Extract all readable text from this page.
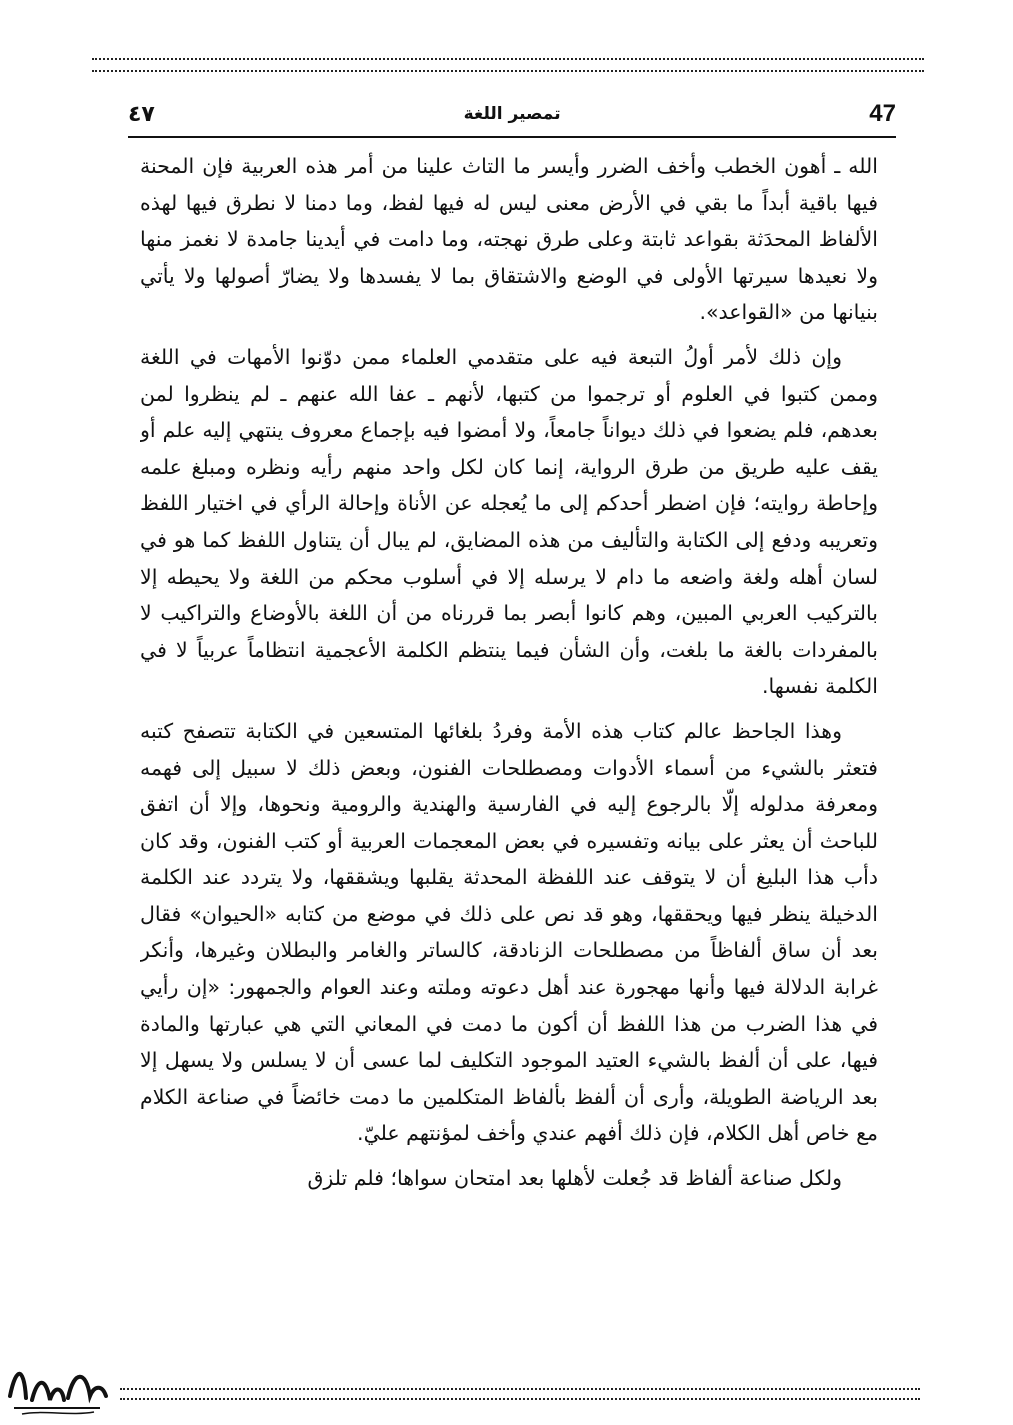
47
تمصير اللغة
٤٧

الله ـ أهون الخطب وأخف الضرر وأيسر ما التاث علينا من أمر هذه العربية فإن المحنة فيها باقية أبداً ما بقي في الأرض معنى ليس له فيها لفظ، وما دمنا لا نطرق فيها لهذه الألفاظ المحدَثة بقواعد ثابتة وعلى طرق نهجته، وما دامت في أيدينا جامدة لا نغمز منها ولا نعيدها سيرتها الأولى في الوضع والاشتقاق بما لا يفسدها ولا يضارّ أصولها ولا يأتي بنيانها من «القواعد».

وإن ذلك لأمر أولُ التبعة فيه على متقدمي العلماء ممن دوّنوا الأمهات في اللغة وممن كتبوا في العلوم أو ترجموا من كتبها، لأنهم ـ عفا الله عنهم ـ لم ينظروا لمن بعدهم، فلم يضعوا في ذلك ديواناً جامعاً، ولا أمضوا فيه بإجماع معروف ينتهي إليه علم أو يقف عليه طريق من طرق الرواية، إنما كان لكل واحد منهم رأيه ونظره ومبلغ علمه وإحاطة روايته؛ فإن اضطر أحدكم إلى ما يُعجله عن الأناة وإحالة الرأي في اختيار اللفظ وتعريبه ودفع إلى الكتابة والتأليف من هذه المضايق، لم يبال أن يتناول اللفظ كما هو في لسان أهله ولغة واضعه ما دام لا يرسله إلا في أسلوب محكم من اللغة ولا يحيطه إلا بالتركيب العربي المبين، وهم كانوا أبصر بما قررناه من أن اللغة بالأوضاع والتراكيب لا بالمفردات بالغة ما بلغت، وأن الشأن فيما ينتظم الكلمة الأعجمية انتظاماً عربياً لا في الكلمة نفسها.

وهذا الجاحظ عالم كتاب هذه الأمة وفردُ بلغائها المتسعين في الكتابة تتصفح كتبه فتعثر بالشيء من أسماء الأدوات ومصطلحات الفنون، وبعض ذلك لا سبيل إلى فهمه ومعرفة مدلوله إلّا بالرجوع إليه في الفارسية والهندية والرومية ونحوها، وإلا أن اتفق للباحث أن يعثر على بيانه وتفسيره في بعض المعجمات العربية أو كتب الفنون، وقد كان دأب هذا البليغ أن لا يتوقف عند اللفظة المحدثة يقلبها ويشققها، ولا يتردد عند الكلمة الدخيلة ينظر فيها ويحققها، وهو قد نص على ذلك في موضع من كتابه «الحيوان» فقال بعد أن ساق ألفاظاً من مصطلحات الزنادقة، كالساتر والغامر والبطلان وغيرها، وأنكر غرابة الدلالة فيها وأنها مهجورة عند أهل دعوته وملته وعند العوام والجمهور: «إن رأيي في هذا الضرب من هذا اللفظ أن أكون ما دمت في المعاني التي هي عبارتها والمادة فيها، على أن ألفظ بالشيء العتيد الموجود التكليف لما عسى أن لا يسلس ولا يسهل إلا بعد الرياضة الطويلة، وأرى أن ألفظ بألفاظ المتكلمين ما دمت خائضاً في صناعة الكلام مع خاص أهل الكلام، فإن ذلك أفهم عندي وأخف لمؤنتهم عليّ.

ولكل صناعة ألفاظ قد جُعلت لأهلها بعد امتحان سواها؛ فلم تلزق
